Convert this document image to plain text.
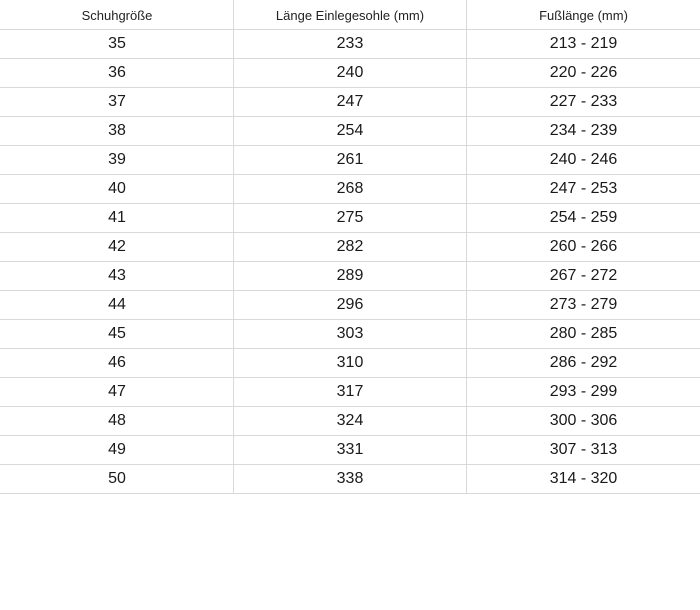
Schuhgröße	Länge Einlegesohle (mm)	Fußlänge (mm)
35	233	213 - 219
36	240	220 - 226
37	247	227 - 233
38	254	234 - 239
39	261	240 - 246
40	268	247 - 253
41	275	254 - 259
42	282	260 - 266
43	289	267 - 272
44	296	273 - 279
45	303	280 - 285
46	310	286 - 292
47	317	293 - 299
48	324	300 - 306
49	331	307 - 313
50	338	314 - 320
